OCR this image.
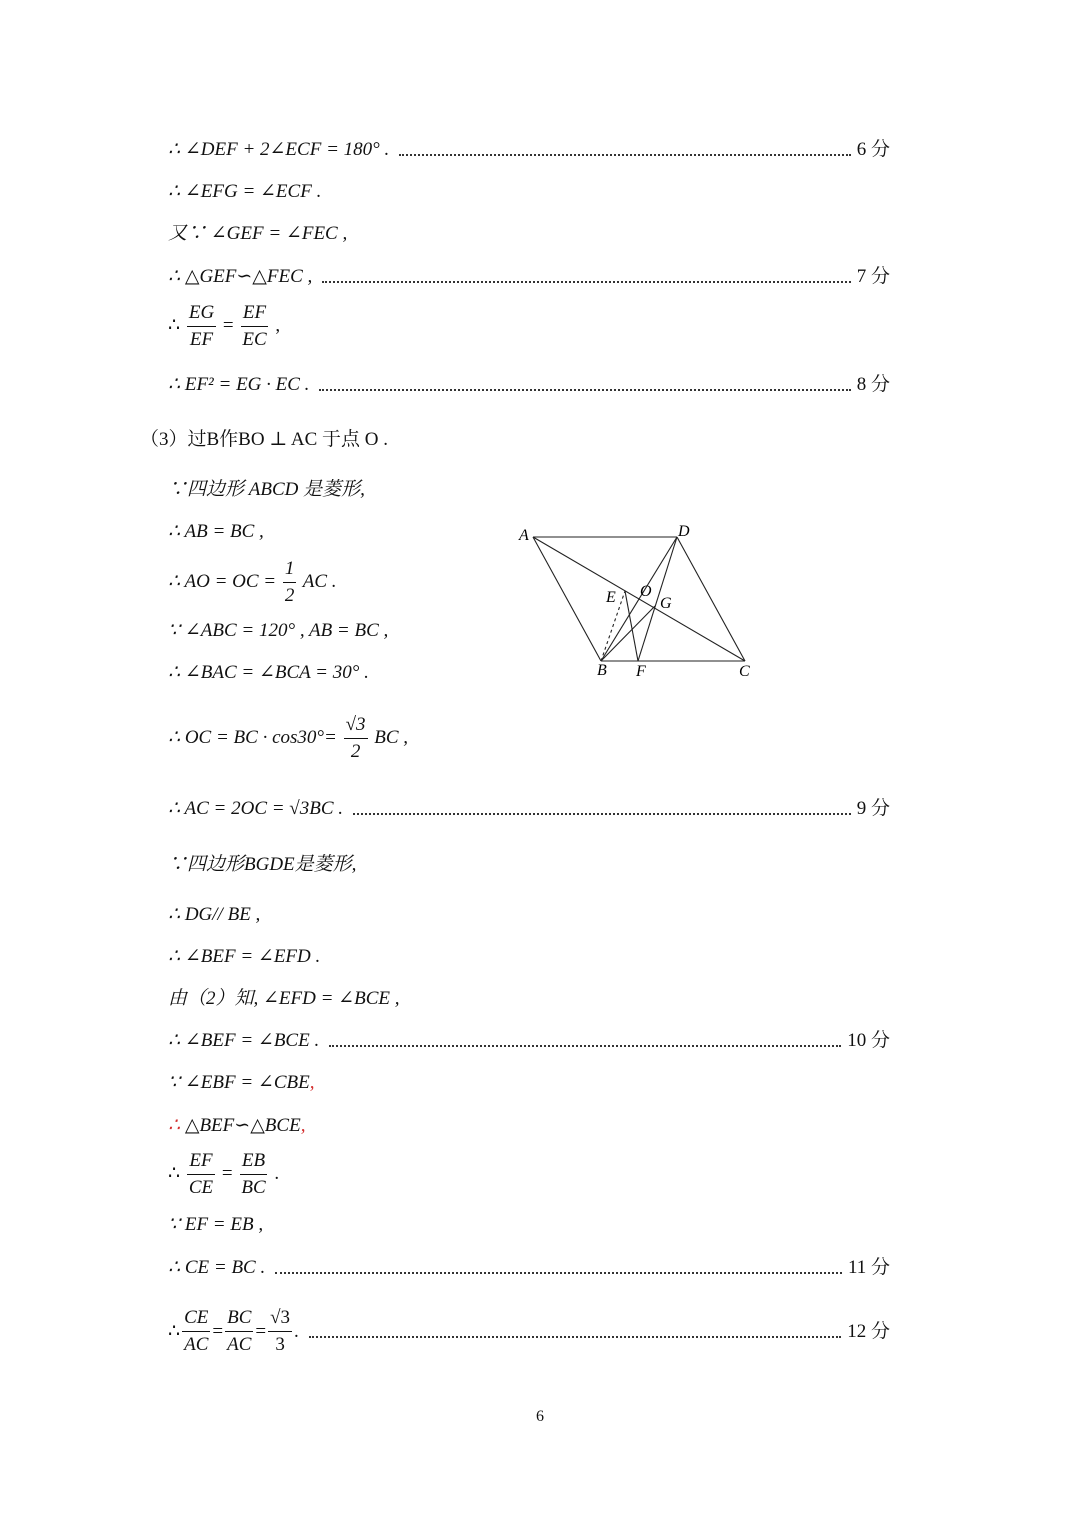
∴ ∠DEF + 2∠ECF = 180° .	6 分
∴ ∠EFG = ∠ECF .
又∵ ∠GEF = ∠FEC ,
∴ △GEF∽△FEC ,	7 分
∴ $\frac{EG}{EF} = \frac{EF}{EC}$ ,
∴ EF² = EG · EC .	8 分
（3）过B作BO ⊥ AC 于点 O .
∵四边形 ABCD 是菱形,
∴ AB = BC ,
∴ AO = OC = $\frac{1}{2}$ AC .
∵ ∠ABC = 120° , AB = BC ,
∴ ∠BAC = ∠BCA = 30° .
∴ OC = BC · $\cos 30^\circ= \frac{√3}{2}$ BC ,
∴ AC = 2OC = √3BC .	9 分
∵四边形BGDE是菱形,
∴ DG// BE ,
∴ ∠BEF = ∠EFD .
由（2）知, ∠EFD = ∠BCE ,
∴ ∠BEF = ∠BCE .	10 分
∵ ∠EBF = ∠CBE,
∴ △BEF∽△BCE,
∴ $\frac{EF}{CE} = \frac{EB}{BC}$ .
∵ EF = EB ,
∴ CE = BC .	11 分
∴ $\frac{CE}{AC} = \frac{BC}{AC} = \frac{√3}{3}$ .	12 分
A	D
E O
G
B F	C
6
